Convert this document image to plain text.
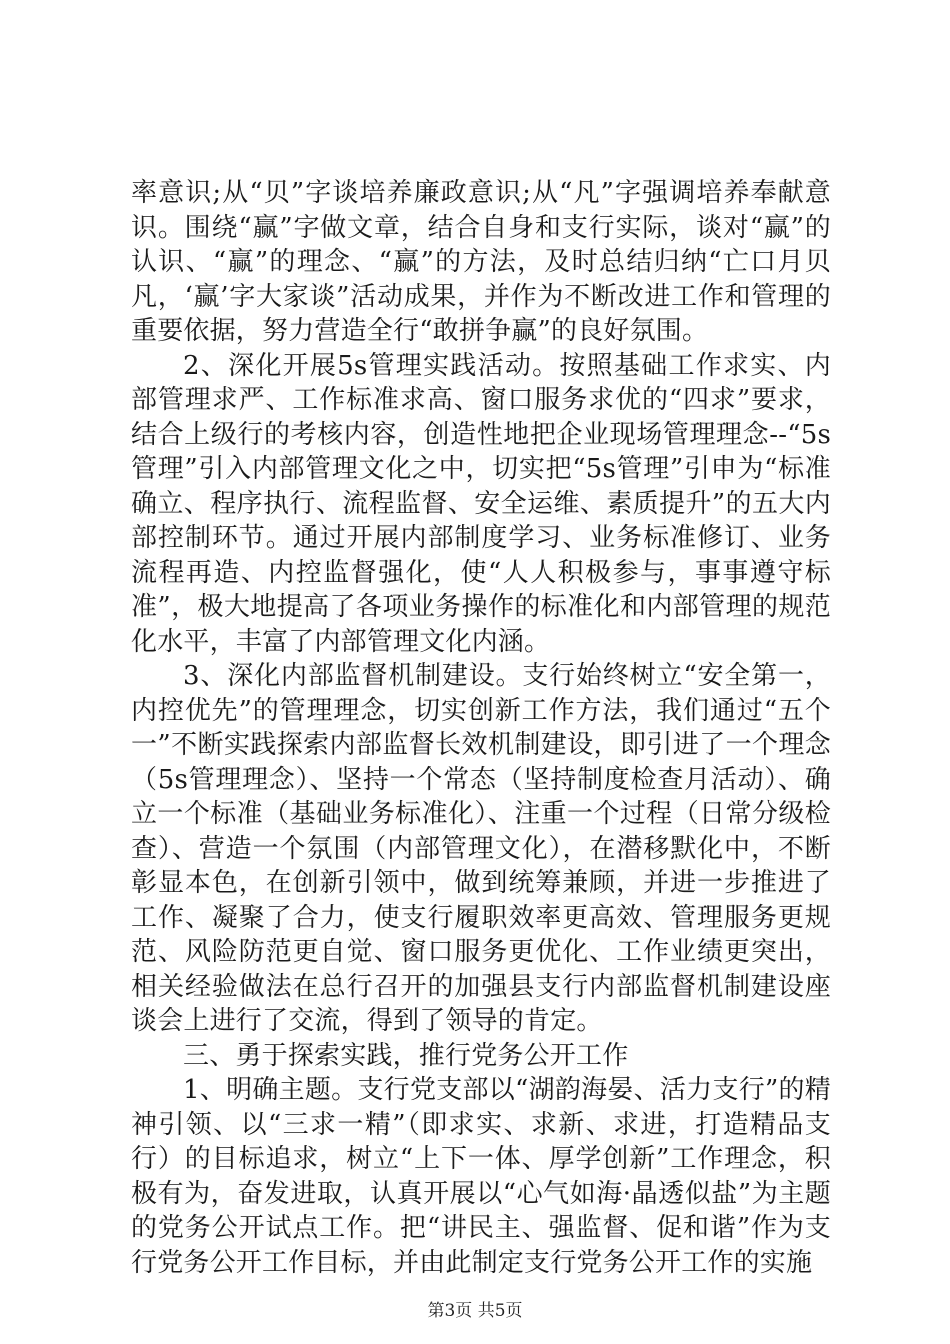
率意识;从“贝”字谈培养廉政意识;从“凡”字强调培养奉献意识。围绕“赢”字做文章，结合自身和支行实际，谈对“赢”的认识、“赢”的理念、“赢”的方法，及时总结归纳“亡口月贝凡，‘赢’字大家谈”活动成果，并作为不断改进工作和管理的重要依据，努力营造全行“敢拼争赢”的良好氛围。

2、深化开展5s管理实践活动。按照基础工作求实、内部管理求严、工作标准求高、窗口服务求优的“四求”要求，结合上级行的考核内容，创造性地把企业现场管理理念--“5s管理”引入内部管理文化之中，切实把“5s管理”引申为“标准确立、程序执行、流程监督、安全运维、素质提升”的五大内部控制环节。通过开展内部制度学习、业务标准修订、业务流程再造、内控监督强化，使“人人积极参与，事事遵守标准”，极大地提高了各项业务操作的标准化和内部管理的规范化水平，丰富了内部管理文化内涵。

3、深化内部监督机制建设。支行始终树立“安全第一，内控优先”的管理理念，切实创新工作方法，我们通过“五个一”不断实践探索内部监督长效机制建设，即引进了一个理念（5s管理理念）、坚持一个常态（坚持制度检查月活动）、确立一个标准（基础业务标准化）、注重一个过程（日常分级检查）、营造一个氛围（内部管理文化），在潜移默化中，不断彰显本色，在创新引领中，做到统筹兼顾，并进一步推进了工作、凝聚了合力，使支行履职效率更高效、管理服务更规范、风险防范更自觉、窗口服务更优化、工作业绩更突出，相关经验做法在总行召开的加强县支行内部监督机制建设座谈会上进行了交流，得到了领导的肯定。

三、勇于探索实践，推行党务公开工作

1、明确主题。支行党支部以“湖韵海晏、活力支行”的精神引领、以“三求一精”（即求实、求新、求进，打造精品支行）的目标追求，树立“上下一体、厚学创新”工作理念，积极有为，奋发进取，认真开展以“心气如海·晶透似盐”为主题的党务公开试点工作。把“讲民主、强监督、促和谐”作为支行党务公开工作目标，并由此制定支行党务公开工作的实施

第3页 共5页
